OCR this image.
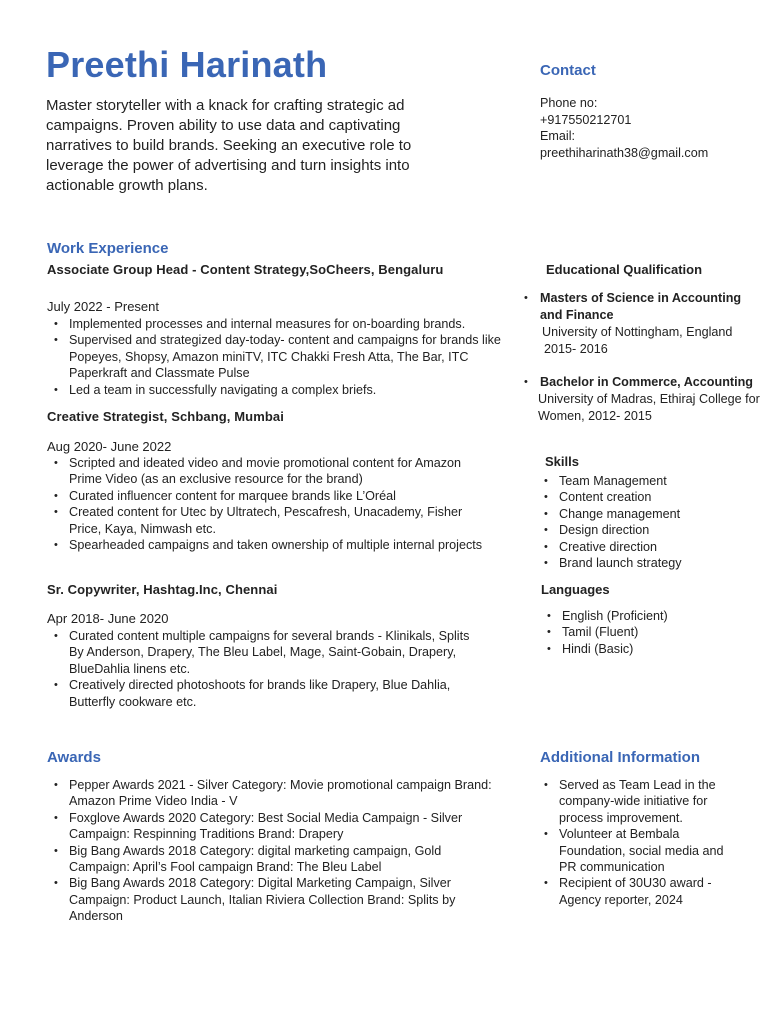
Preethi Harinath
Master storyteller with a knack for crafting strategic ad campaigns. Proven ability to use data and captivating narratives to build brands. Seeking an executive role to leverage the power of advertising and turn insights into actionable growth plans.
Contact
Phone no:
+917550212701
Email:
preethiharinath38@gmail.com
Work Experience
Associate Group Head - Content Strategy,SoCheers, Bengaluru
July 2022 - Present
• Implemented processes and internal measures for on-boarding brands.
• Supervised and strategized day-today- content and campaigns for brands like Popeyes, Shopsy, Amazon miniTV, ITC Chakki Fresh Atta, The Bar, ITC Paperkraft and Classmate Pulse
• Led a team in successfully navigating a complex briefs.
Creative Strategist, Schbang, Mumbai
Aug 2020- June 2022
• Scripted and ideated video and movie promotional content for Amazon Prime Video (as an exclusive resource for the brand)
• Curated influencer content for marquee brands like L’Oréal
• Created content for Utec by Ultratech, Pescafresh, Unacademy, Fisher Price, Kaya, Nimwash etc.
• Spearheaded campaigns and taken ownership of multiple internal projects
Sr. Copywriter, Hashtag.Inc, Chennai
Apr 2018- June 2020
• Curated content multiple campaigns for several brands - Klinikals, Splits By Anderson, Drapery, The Bleu Label, Mage, Saint-Gobain, Drapery, BlueDahlia linens etc.
• Creatively directed photoshoots for brands like Drapery, Blue Dahlia, Butterfly cookware etc.
Awards
• Pepper Awards 2021 - Silver Category: Movie promotional campaign Brand: Amazon Prime Video India - V
• Foxglove Awards 2020 Category: Best Social Media Campaign - Silver Campaign: Respinning Traditions Brand: Drapery
• Big Bang Awards 2018 Category: digital marketing campaign, Gold Campaign: April’s Fool campaign Brand: The Bleu Label
• Big Bang Awards 2018 Category: Digital Marketing Campaign, Silver Campaign: Product Launch, Italian Riviera Collection Brand: Splits by Anderson
Educational Qualification
• Masters of Science in Accounting and Finance
University of Nottingham, England
2015- 2016
• Bachelor in Commerce, Accounting
University of Madras, Ethiraj College for Women, 2012- 2015
Skills
• Team Management
• Content creation
• Change management
• Design direction
• Creative direction
• Brand launch strategy
Languages
• English (Proficient)
• Tamil (Fluent)
• Hindi (Basic)
Additional Information
• Served as Team Lead in the company-wide initiative for process improvement.
• Volunteer at Bembala Foundation, social media and PR communication
• Recipient of 30U30 award - Agency reporter, 2024
